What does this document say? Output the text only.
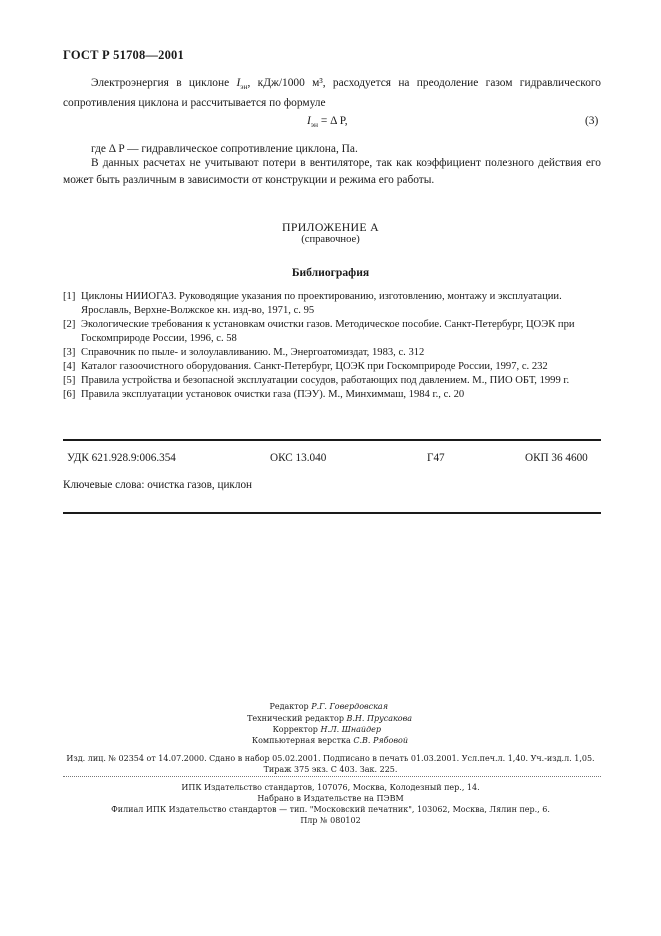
ГОСТ Р 51708—2001
Электроэнергия в циклоне $I_{эн}$, кДж/1000 м³, расходуется на преодоление газом гидравлического сопротивления циклона и рассчитывается по формуле
$I_{эн} = \Delta$ P,	(3)
где Δ P — гидравлическое сопротивление циклона, Па.
В данных расчетах не учитывают потери в вентиляторе, так как коэффициент полезного действия его может быть различным в зависимости от конструкции и режима его работы.
ПРИЛОЖЕНИЕ А
(справочное)
Библиография
[1] Циклоны НИИОГАЗ. Руководящие указания по проектированию, изготовлению, монтажу и эксплуатации. Ярославль, Верхне-Волжское кн. изд-во, 1971, с. 95
[2] Экологические требования к установкам очистки газов. Методическое пособие. Санкт-Петербург, ЦОЭК при Госкомприроде России, 1996, с. 58
[3] Справочник по пыле- и золоулавливанию. М., Энергоатомиздат, 1983, с. 312
[4] Каталог газоочистного оборудования. Санкт-Петербург, ЦОЭК при Госкомприроде России, 1997, с. 232
[5] Правила устройства и безопасной эксплуатации сосудов, работающих под давлением. М., ПИО ОБТ, 1999 г.
[6] Правила эксплуатации установок очистки газа (ПЭУ). М., Минхиммаш, 1984 г., с. 20
УДК 621.928.9:006.354	ОКС 13.040	Г47	ОКП 36 4600
Ключевые слова: очистка газов, циклон
Редактор Р.Г. Говердовская
Технический редактор В.Н. Прусакова
Корректор Н.Л. Шнайдер
Компьютерная верстка С.В. Рябовой
Изд. лиц. № 02354 от 14.07.2000. Сдано в набор 05.02.2001. Подписано в печать 01.03.2001. Усл.печ.л. 1,40. Уч.-изд.л. 1,05.
Тираж 375 экз. С 403. Зак. 225.
ИПК Издательство стандартов, 107076, Москва, Колодезный пер., 14.
Набрано в Издательстве на ПЭВМ
Филиал ИПК Издательство стандартов — тип. "Московский печатник", 103062, Москва, Лялин пер., 6.
Плр № 080102
